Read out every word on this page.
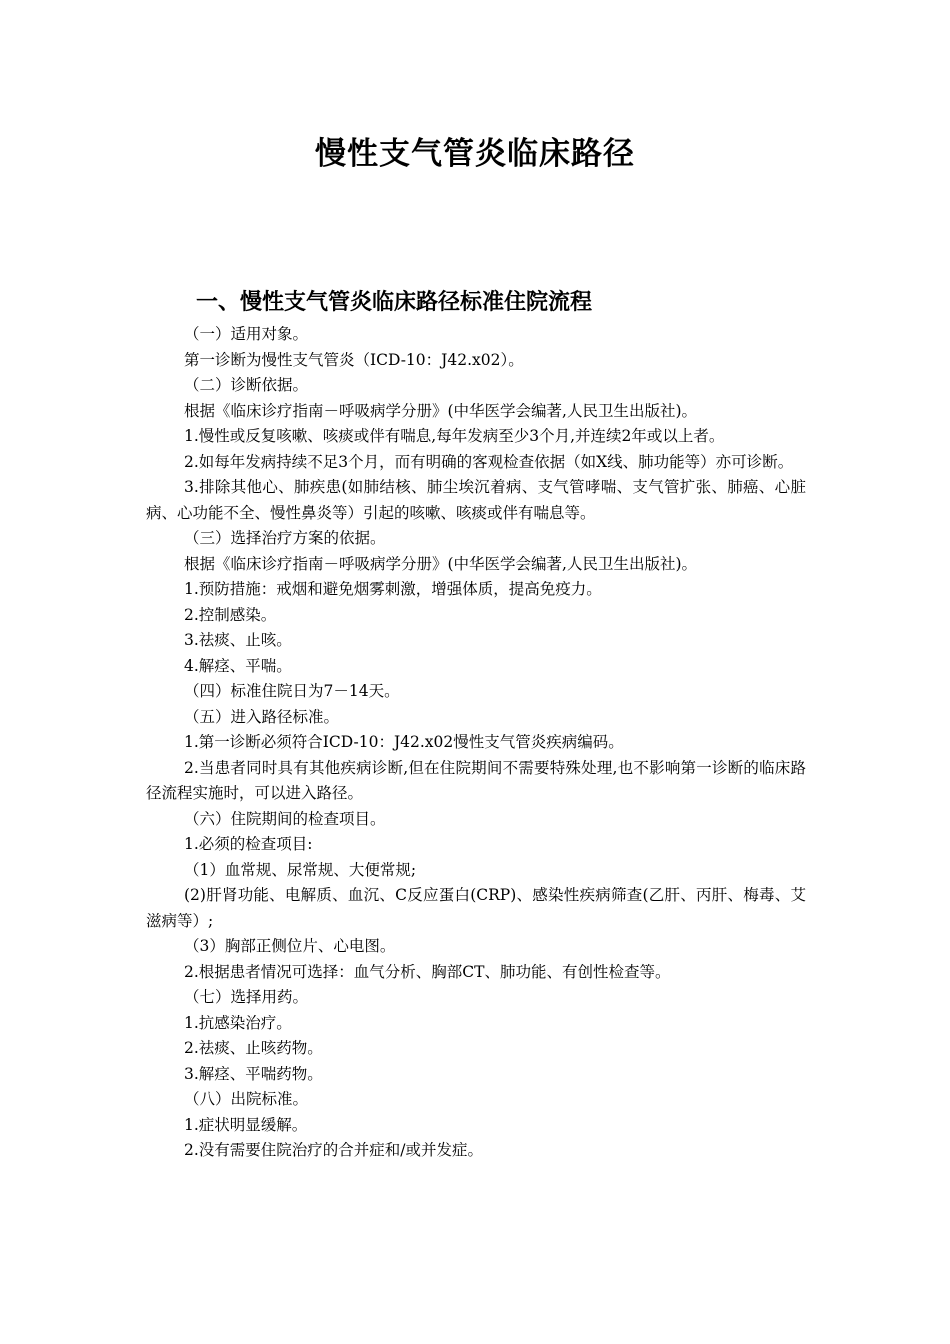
慢性支气管炎临床路径
一、慢性支气管炎临床路径标准住院流程

（一）适用对象。

第一诊断为慢性支气管炎（ICD-10：J42.x02）。

（二）诊断依据。

根据《临床诊疗指南－呼吸病学分册》(中华医学会编著,人民卫生出版社)。

1.慢性或反复咳嗽、咳痰或伴有喘息,每年发病至少3个月,并连续2年或以上者。

2.如每年发病持续不足3个月，而有明确的客观检查依据（如X线、肺功能等）亦可诊断。

3.排除其他心、肺疾患(如肺结核、肺尘埃沉着病、支气管哮喘、支气管扩张、肺癌、心脏病、心功能不全、慢性鼻炎等）引起的咳嗽、咳痰或伴有喘息等。

（三）选择治疗方案的依据。

根据《临床诊疗指南－呼吸病学分册》(中华医学会编著,人民卫生出版社)。

1.预防措施：戒烟和避免烟雾刺激，增强体质，提高免疫力。

2.控制感染。

3.祛痰、止咳。

4.解痉、平喘。

（四）标准住院日为7－14天。

（五）进入路径标准。

1.第一诊断必须符合ICD-10：J42.x02慢性支气管炎疾病编码。

2.当患者同时具有其他疾病诊断,但在住院期间不需要特殊处理,也不影响第一诊断的临床路径流程实施时，可以进入路径。

（六）住院期间的检查项目。

1.必须的检查项目:

（1）血常规、尿常规、大便常规;

(2)肝肾功能、电解质、血沉、C反应蛋白(CRP)、感染性疾病筛查(乙肝、丙肝、梅毒、艾滋病等）;

（3）胸部正侧位片、心电图。

2.根据患者情况可选择：血气分析、胸部CT、肺功能、有创性检查等。

（七）选择用药。

1.抗感染治疗。

2.祛痰、止咳药物。

3.解痉、平喘药物。

（八）出院标准。

1.症状明显缓解。

2.没有需要住院治疗的合并症和/或并发症。
